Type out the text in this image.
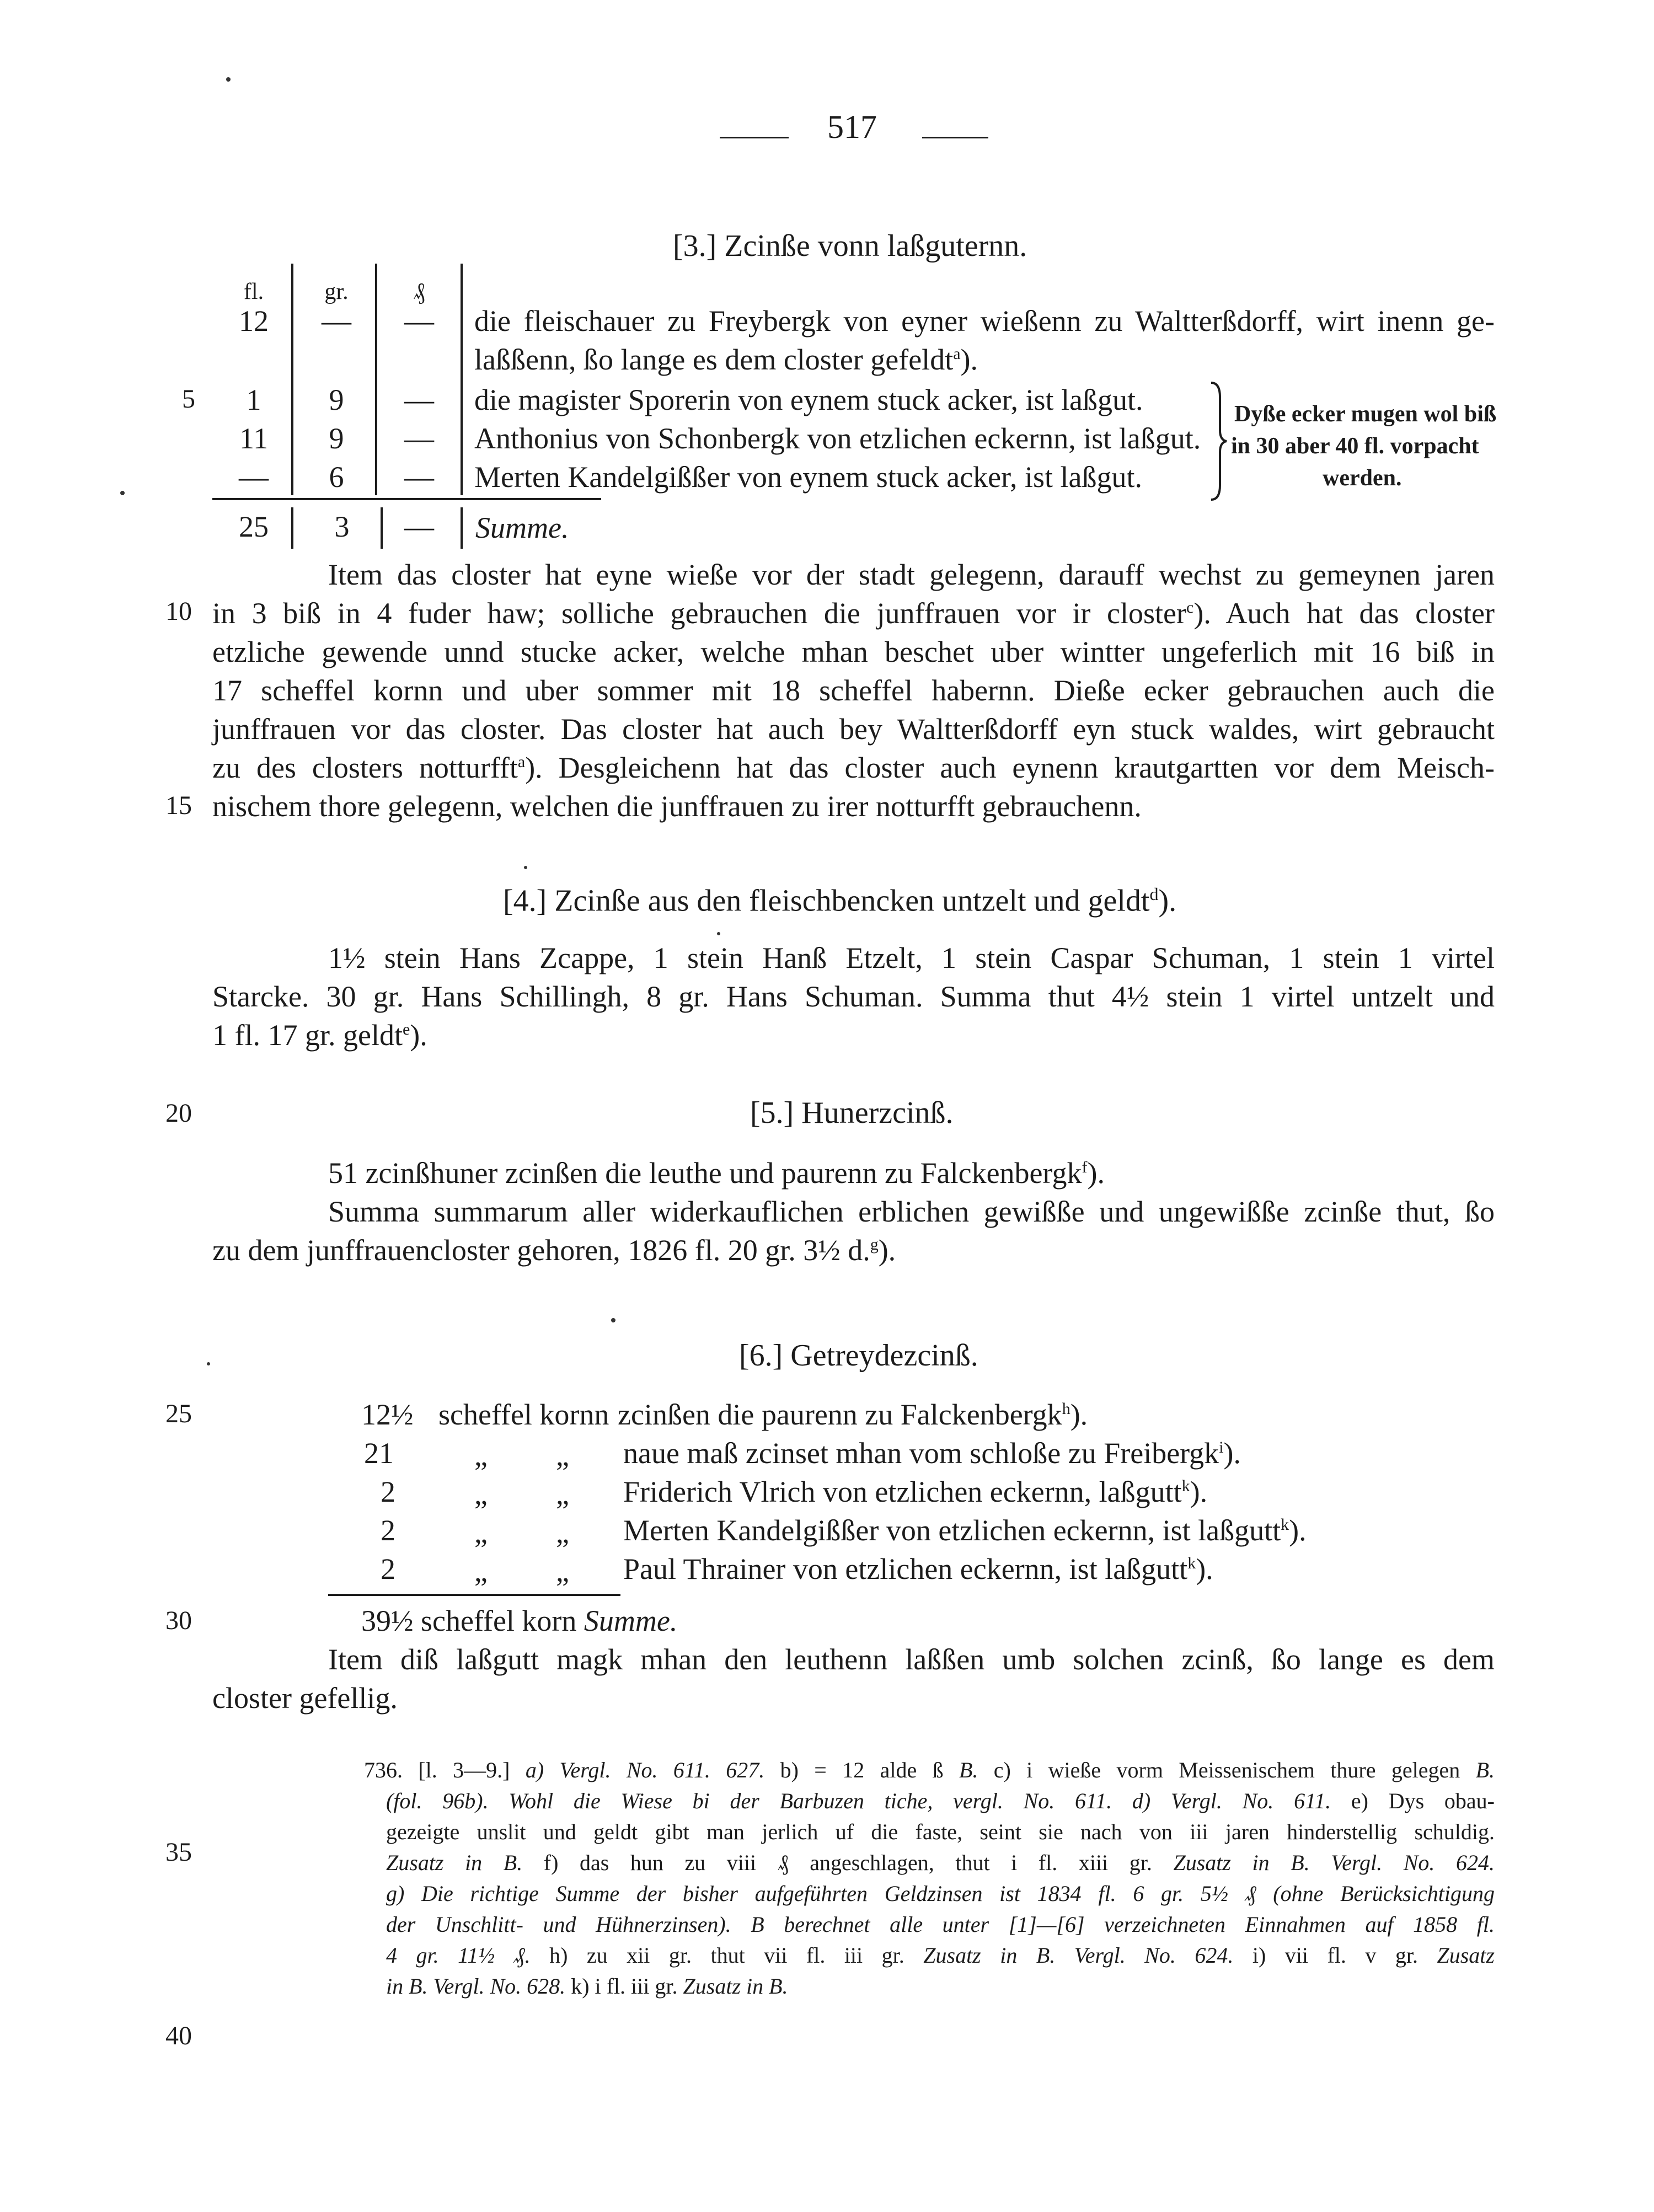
517
[3.] Zcinße vonn laßguternn.
fl.	gr.	₰
12 — — die fleischauer zu Freybergk von eyner wießenn zu Waltterßdorff, wirt inenn ge-
laßßenn, ßo lange es dem closter gefeldt$^a$).
5	1	9	— die magister Sporerin von eynem stuck acker, ist laßgut.
11	9	— Anthonius von Schonbergk von etzlichen eckernn, ist laßgut.
—	6	— Merten Kandelgißßer von eynem stuck acker, ist laßgut.
Dyße ecker mugen wol biß
in 30 aber 40 fl. vorpacht
werden.
25	3	— Summe.
Item das closter hat eyne wieße vor der stadt gelegenn, darauff wechst zu gemeynen jaren
10 in 3 biß in 4 fuder haw; solliche gebrauchen die junffrauen vor ir closter$^c$). Auch hat das closter
etzliche gewende unnd stucke acker, welche mhan beschet uber wintter ungeferlich mit 16 biß in
17 scheffel kornn und uber sommer mit 18 scheffel habernn. Dieße ecker gebrauchen auch die
junffrauen vor das closter. Das closter hat auch bey Waltterßdorff eyn stuck waldes, wirt gebraucht
zu des closters notturfft$^a$). Desgleichenn hat das closter auch eynenn krautgartten vor dem Meisch-
15 nischem thore gelegenn, welchen die junffrauen zu irer notturfft gebrauchenn.
[4.] Zcinße aus den fleischbencken untzelt und geldt$^d$).
1½ stein Hans Zcappe, 1 stein Hanß Etzelt, 1 stein Caspar Schuman, 1 stein 1 virtel
Starcke. 30 gr. Hans Schillingh, 8 gr. Hans Schuman. Summa thut 4½ stein 1 virtel untzelt und
1 fl. 17 gr. geldt$^e$).
20	[5.] Hunerzcinß.
51 zcinßhuner zcinßen die leuthe und paurenn zu Falckenbergk$^f$).
Summa summarum aller widerkauflichen erblichen gewißße und ungewißße zcinße thut, ßo
zu dem junffrauencloster gehoren, 1826 fl. 20 gr. 3½ d.$^g$).
[6.] Getreydezcinß.
25	12½ scheffel kornn zcinßen die paurenn zu Falckenbergk$^h$).
21	„ „ naue maß zcinset mhan vom schloße zu Freibergk$^i$).
2	„ „ Friderich Vlrich von etzlichen eckernn, laßgutt$^k$).
2	„ „ Merten Kandelgißßer von etzlichen eckernn, ist laßgutt$^k$).
2	„ „ Paul Thrainer von etzlichen eckernn, ist laßgutt$^k$).
30	39½ scheffel korn Summe.
Item diß laßgutt magk mhan den leuthenn laßßen umb solchen zcinß, ßo lange es dem
closter gefellig.
736. [l. 3—9.] a) Vergl. No. 611. 627. b) = 12 alde ß B. c) i wieße vorm Meissenischem thure gelegen B.
(fol. 96b). Wohl die Wiese bi der Barbuzen tiche, vergl. No. 611. d) Vergl. No. 611. e) Dys obau-
gezeigte unslit und geldt gibt man jerlich uf die faste, seint sie nach von iii jaren hinderstellig schuldig.
Zusatz in B. f) das hun zu viii ₰ angeschlagen, thut i fl. xiii gr. Zusatz in B. Vergl. No. 624.
g) Die richtige Summe der bisher aufgeführten Geldzinsen ist 1834 fl. 6 gr. 5½ ₰ (ohne Berücksichtigung
der Unschlitt- und Hühnerzinsen). B berechnet alle unter [1]—[6] verzeichneten Einnahmen auf 1858 fl.
4 gr. 11½ ₰. h) zu xii gr. thut vii fl. iii gr. Zusatz in B. Vergl. No. 624. i) vii fl. v gr. Zusatz
in B. Vergl. No. 628. k) i fl. iii gr. Zusatz in B.
35
40
